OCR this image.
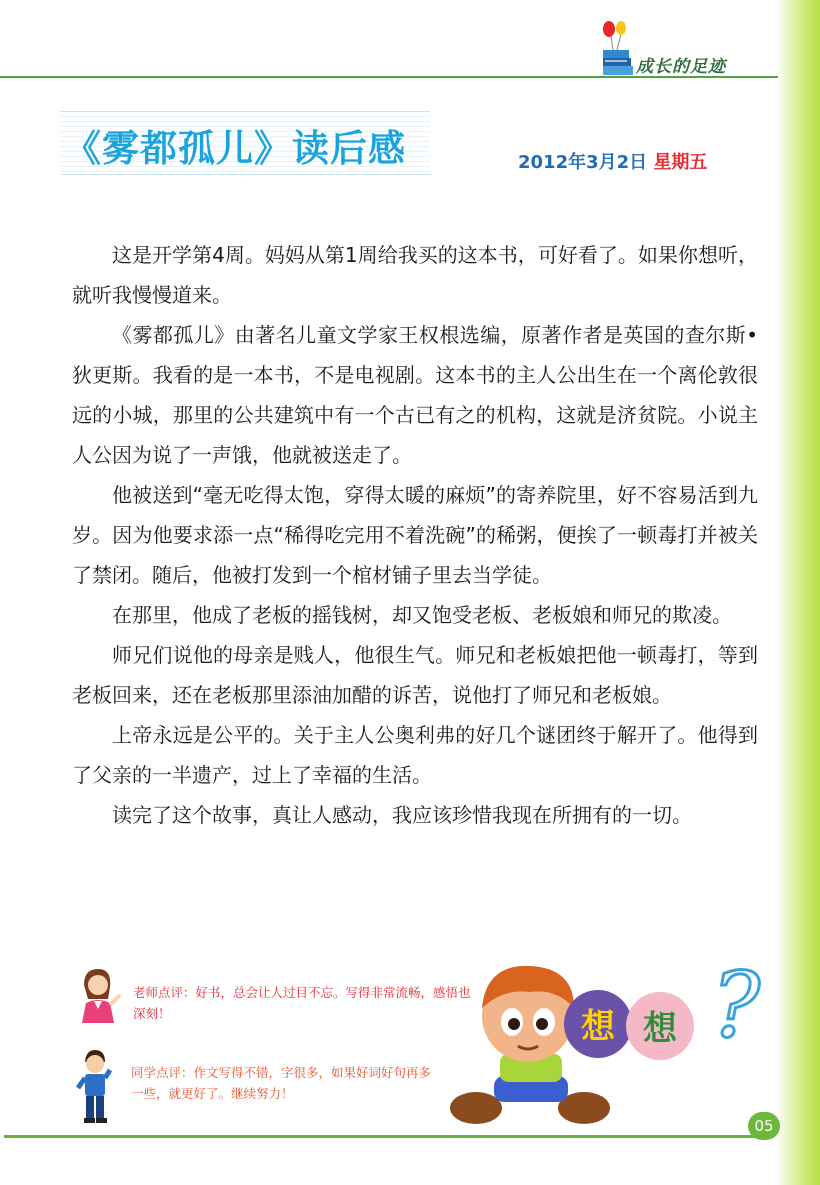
成长的足迹
《雾都孤儿》读后感	2012年3月2日 星期五

这是开学第4周。妈妈从第1周给我买的这本书，可好看了。如果你想听，就听我慢慢道来。

《雾都孤儿》由著名儿童文学家王权根选编，原著作者是英国的查尔斯•狄更斯。我看的是一本书，不是电视剧。这本书的主人公出生在一个离伦敦很远的小城，那里的公共建筑中有一个古已有之的机构，这就是济贫院。小说主人公因为说了一声饿，他就被送走了。

他被送到“毫无吃得太饱，穿得太暖的麻烦”的寄养院里，好不容易活到九岁。因为他要求添一点“稀得吃完用不着洗碗”的稀粥，便挨了一顿毒打并被关了禁闭。随后，他被打发到一个棺材铺子里去当学徒。

在那里，他成了老板的摇钱树，却又饱受老板、老板娘和师兄的欺凌。

师兄们说他的母亲是贱人，他很生气。师兄和老板娘把他一顿毒打，等到老板回来，还在老板那里添油加醋的诉苦，说他打了师兄和老板娘。

上帝永远是公平的。关于主人公奥利弗的好几个谜团终于解开了。他得到了父亲的一半遗产，过上了幸福的生活。

读完了这个故事，真让人感动，我应该珍惜我现在所拥有的一切。

老师点评：好书，总会让人过目不忘。写得非常流畅，感悟也深刻！
同学点评：作文写得不错，字很多，如果好词好句再多一些，就更好了。继续努力！
想 想 ?
05
